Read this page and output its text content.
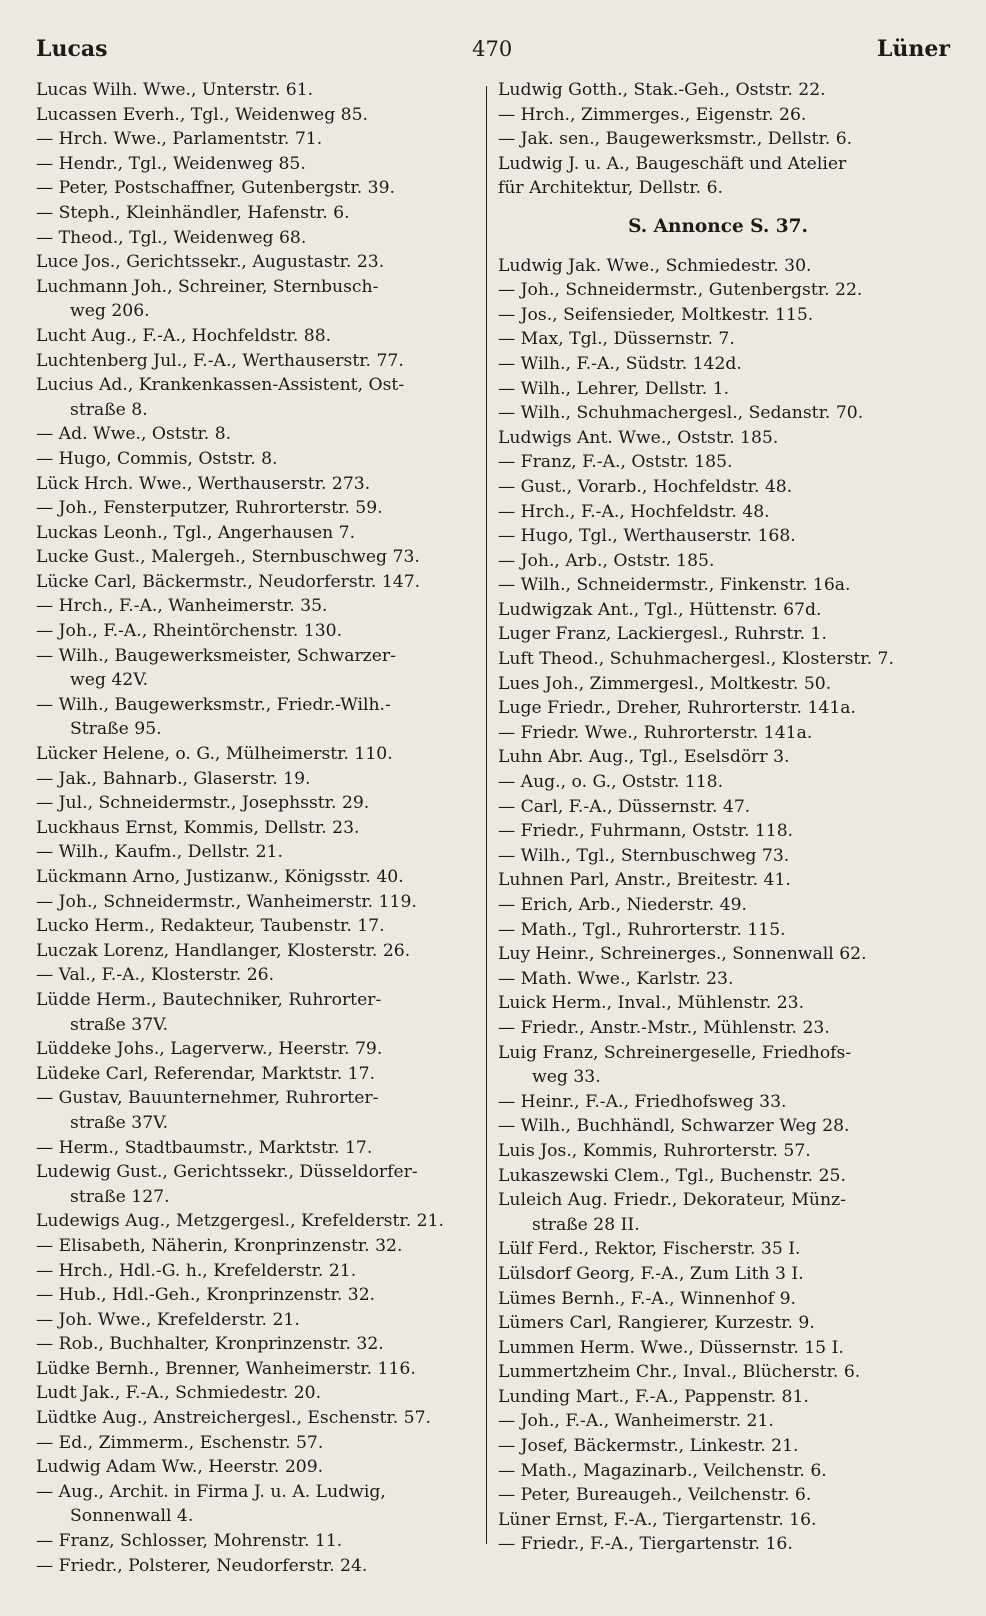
Lucas	470	Lüner

Lucas Wilh. Wwe., Unterstr. 61.

Lucassen Everh., Tgl., Weidenweg 85.

— Hrch. Wwe., Parlamentstr. 71.

— Hendr., Tgl., Weidenweg 85.

— Peter, Postschaffner, Gutenbergstr. 39.

— Steph., Kleinhändler, Hafenstr. 6.

— Theod., Tgl., Weidenweg 68.

Luce Jos., Gerichtssekr., Augustastr. 23.

Luchmann Joh., Schreiner, Sternbusch-

weg 206.

Lucht Aug., F.-A., Hochfeldstr. 88.

Luchtenberg Jul., F.-A., Werthauserstr. 77.

Lucius Ad., Krankenkassen-Assistent, Ost-

straße 8.

— Ad. Wwe., Oststr. 8.

— Hugo, Commis, Oststr. 8.

Lück Hrch. Wwe., Werthauserstr. 273.

— Joh., Fensterputzer, Ruhrorterstr. 59.

Luckas Leonh., Tgl., Angerhausen 7.

Lucke Gust., Malergeh., Sternbuschweg 73.

Lücke Carl, Bäckermstr., Neudorferstr. 147.

— Hrch., F.-A., Wanheimerstr. 35.

— Joh., F.-A., Rheintörchenstr. 130.

— Wilh., Baugewerksmeister, Schwarzer-

weg 42V.

— Wilh., Baugewerksmstr., Friedr.-Wilh.-

Straße 95.

Lücker Helene, o. G., Mülheimerstr. 110.

— Jak., Bahnarb., Glaserstr. 19.

— Jul., Schneidermstr., Josephsstr. 29.

Luckhaus Ernst, Kommis, Dellstr. 23.

— Wilh., Kaufm., Dellstr. 21.

Lückmann Arno, Justizanw., Königsstr. 40.

— Joh., Schneidermstr., Wanheimerstr. 119.

Lucko Herm., Redakteur, Taubenstr. 17.

Luczak Lorenz, Handlanger, Klosterstr. 26.

— Val., F.-A., Klosterstr. 26.

Lüdde Herm., Bautechniker, Ruhrorter-

straße 37V.

Lüddeke Johs., Lagerverw., Heerstr. 79.

Lüdeke Carl, Referendar, Marktstr. 17.

— Gustav, Bauunternehmer, Ruhrorter-

straße 37V.

— Herm., Stadtbaumstr., Marktstr. 17.

Ludewig Gust., Gerichtssekr., Düsseldorfer-

straße 127.

Ludewigs Aug., Metzgergesl., Krefelderstr. 21.

— Elisabeth, Näherin, Kronprinzenstr. 32.

— Hrch., Hdl.-G. h., Krefelderstr. 21.

— Hub., Hdl.-Geh., Kronprinzenstr. 32.

— Joh. Wwe., Krefelderstr. 21.

— Rob., Buchhalter, Kronprinzenstr. 32.

Lüdke Bernh., Brenner, Wanheimerstr. 116.

Ludt Jak., F.-A., Schmiedestr. 20.

Lüdtke Aug., Anstreichergesl., Eschenstr. 57.

— Ed., Zimmerm., Eschenstr. 57.

Ludwig Adam Ww., Heerstr. 209.

— Aug., Archit. in Firma J. u. A. Ludwig,

Sonnenwall 4.

— Franz, Schlosser, Mohrenstr. 11.

— Friedr., Polsterer, Neudorferstr. 24.

Ludwig Gotth., Stak.-Geh., Oststr. 22.

— Hrch., Zimmerges., Eigenstr. 26.

— Jak. sen., Baugewerksmstr., Dellstr. 6.

Ludwig J. u. A., Baugeschäft und Atelier

für Architektur, Dellstr. 6.

S. Annonce S. 37.

Ludwig Jak. Wwe., Schmiedestr. 30.

— Joh., Schneidermstr., Gutenbergstr. 22.

— Jos., Seifensieder, Moltkestr. 115.

— Max, Tgl., Düssernstr. 7.

— Wilh., F.-A., Südstr. 142d.

— Wilh., Lehrer, Dellstr. 1.

— Wilh., Schuhmachergesl., Sedanstr. 70.

Ludwigs Ant. Wwe., Oststr. 185.

— Franz, F.-A., Oststr. 185.

— Gust., Vorarb., Hochfeldstr. 48.

— Hrch., F.-A., Hochfeldstr. 48.

— Hugo, Tgl., Werthauserstr. 168.

— Joh., Arb., Oststr. 185.

— Wilh., Schneidermstr., Finkenstr. 16a.

Ludwigzak Ant., Tgl., Hüttenstr. 67d.

Luger Franz, Lackiergesl., Ruhrstr. 1.

Luft Theod., Schuhmachergesl., Klosterstr. 7.

Lues Joh., Zimmergesl., Moltkestr. 50.

Luge Friedr., Dreher, Ruhrorterstr. 141a.

— Friedr. Wwe., Ruhrorterstr. 141a.

Luhn Abr. Aug., Tgl., Eselsdörr 3.

— Aug., o. G., Oststr. 118.

— Carl, F.-A., Düssernstr. 47.

— Friedr., Fuhrmann, Oststr. 118.

— Wilh., Tgl., Sternbuschweg 73.

Luhnen Parl, Anstr., Breitestr. 41.

— Erich, Arb., Niederstr. 49.

— Math., Tgl., Ruhrorterstr. 115.

Luy Heinr., Schreinerges., Sonnenwall 62.

— Math. Wwe., Karlstr. 23.

Luick Herm., Inval., Mühlenstr. 23.

— Friedr., Anstr.-Mstr., Mühlenstr. 23.

Luig Franz, Schreinergeselle, Friedhofs-

weg 33.

— Heinr., F.-A., Friedhofsweg 33.

— Wilh., Buchhändl, Schwarzer Weg 28.

Luis Jos., Kommis, Ruhrorterstr. 57.

Lukaszewski Clem., Tgl., Buchenstr. 25.

Luleich Aug. Friedr., Dekorateur, Münz-

straße 28 II.

Lülf Ferd., Rektor, Fischerstr. 35 I.

Lülsdorf Georg, F.-A., Zum Lith 3 I.

Lümes Bernh., F.-A., Winnenhof 9.

Lümers Carl, Rangierer, Kurzestr. 9.

Lummen Herm. Wwe., Düssernstr. 15 I.

Lummertzheim Chr., Inval., Blücherstr. 6.

Lunding Mart., F.-A., Pappenstr. 81.

— Joh., F.-A., Wanheimerstr. 21.

— Josef, Bäckermstr., Linkestr. 21.

— Math., Magazinarb., Veilchenstr. 6.

— Peter, Bureaugeh., Veilchenstr. 6.

Lüner Ernst, F.-A., Tiergartenstr. 16.

— Friedr., F.-A., Tiergartenstr. 16.
